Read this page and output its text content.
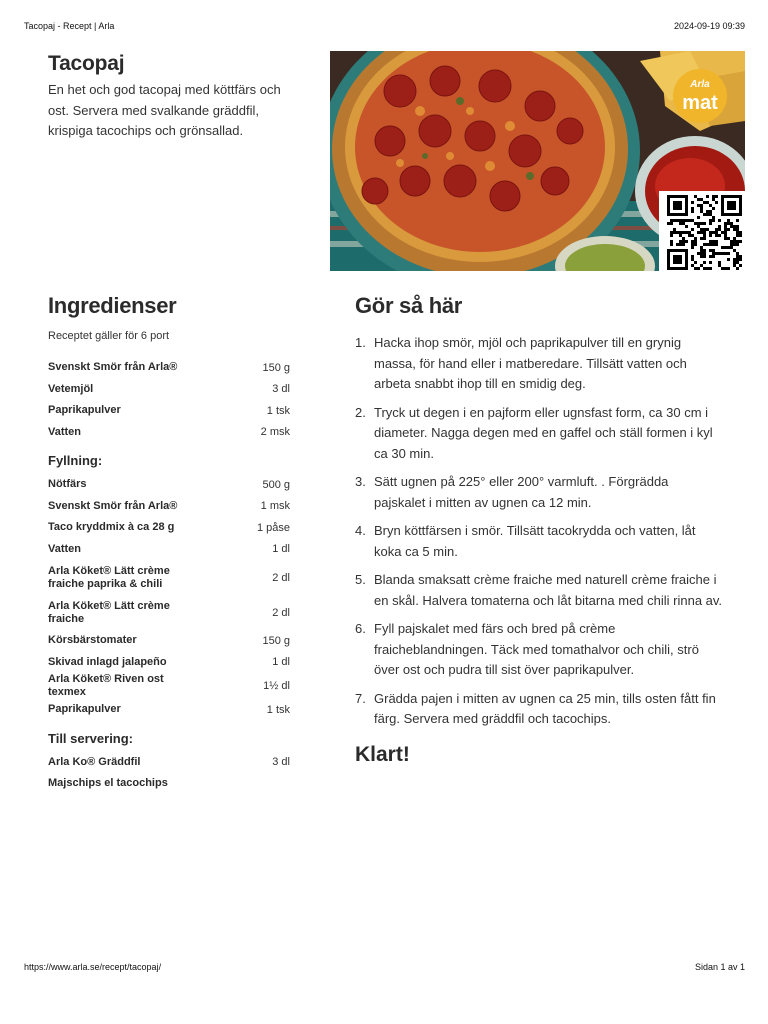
Tacopaj - Recept | Arla	2024-09-19 09:39
Tacopaj

En het och god tacopaj med köttfärs och ost. Servera med svalkande gräddfil, krispiga tacochips och grönsallad.

Arla
mat
Ingredienser
Receptet gäller för 6 port
Svenskt Smör från Arla®	150 g
Vetemjöl	3 dl
Paprikapulver	1 tsk
Vatten	2 msk
Fyllning:
Nötfärs	500 g
Svenskt Smör från Arla®	1 msk
Taco kryddmix à ca 28 g	1 påse
Vatten	1 dl
Arla Köket® Lätt crème fraiche paprika & chili	2 dl
Arla Köket® Lätt crème fraiche	2 dl
Körsbärstomater	150 g
Skivad inlagd jalapeño	1 dl
Arla Köket® Riven ost texmex	1½ dl
Paprikapulver	1 tsk
Till servering:
Arla Ko® Gräddfil	3 dl
Majschips el tacochips
Gör så här
1. Hacka ihop smör, mjöl och paprikapulver till en grynig massa, för hand eller i matberedare. Tillsätt vatten och arbeta snabbt ihop till en smidig deg.
2. Tryck ut degen i en pajform eller ugnsfast form, ca 30 cm i diameter. Nagga degen med en gaffel och ställ formen i kyl ca 30 min.
3. Sätt ugnen på 225° eller 200° varmluft. . Förgrädda pajskalet i mitten av ugnen ca 12 min.
4. Bryn köttfärsen i smör. Tillsätt tacokrydda och vatten, låt koka ca 5 min.
5. Blanda smaksatt crème fraiche med naturell crème fraiche i en skål. Halvera tomaterna och låt bitarna med chili rinna av.
6. Fyll pajskalet med färs och bred på crème fraicheblandningen. Täck med tomathalvor och chili, strö över ost och pudra till sist över paprikapulver.
7. Grädda pajen i mitten av ugnen ca 25 min, tills osten fått fin färg. Servera med gräddfil och tacochips.
Klart!
https://www.arla.se/recept/tacopaj/	Sidan 1 av 1
